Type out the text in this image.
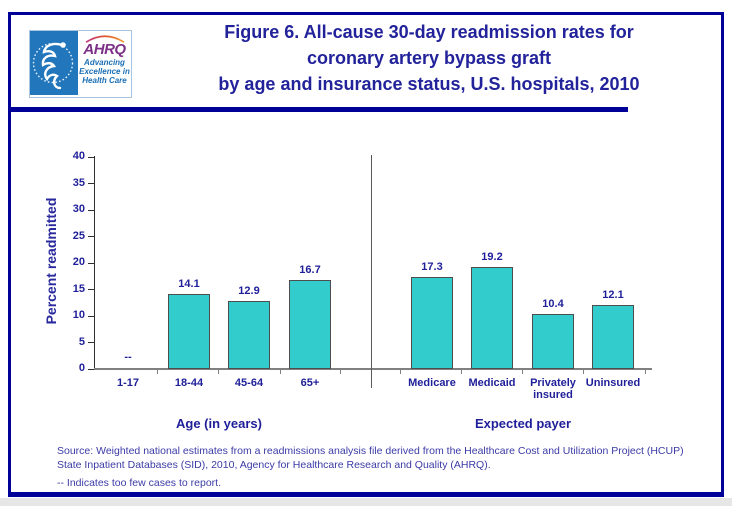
AHRQ
Advancing
Excellence in
Health Care
Figure 6. All-cause 30-day readmission rates for
coronary artery bypass graft
by age and insurance status, U.S. hospitals, 2010
Percent readmitted
0
5
10
15
20
25
30
35
40
--
1-17
14.1
18-44
12.9
45-64
16.7
65+
Age (in years)
17.3
Medicare
19.2
Medicaid
10.4
Privately insured
12.1
Uninsured
Expected payer
Source: Weighted national estimates from a readmissions analysis file derived from the Healthcare Cost and Utilization Project (HCUP)
State Inpatient Databases (SID), 2010, Agency for Healthcare Research and Quality (AHRQ).
-- Indicates too few cases to report.
